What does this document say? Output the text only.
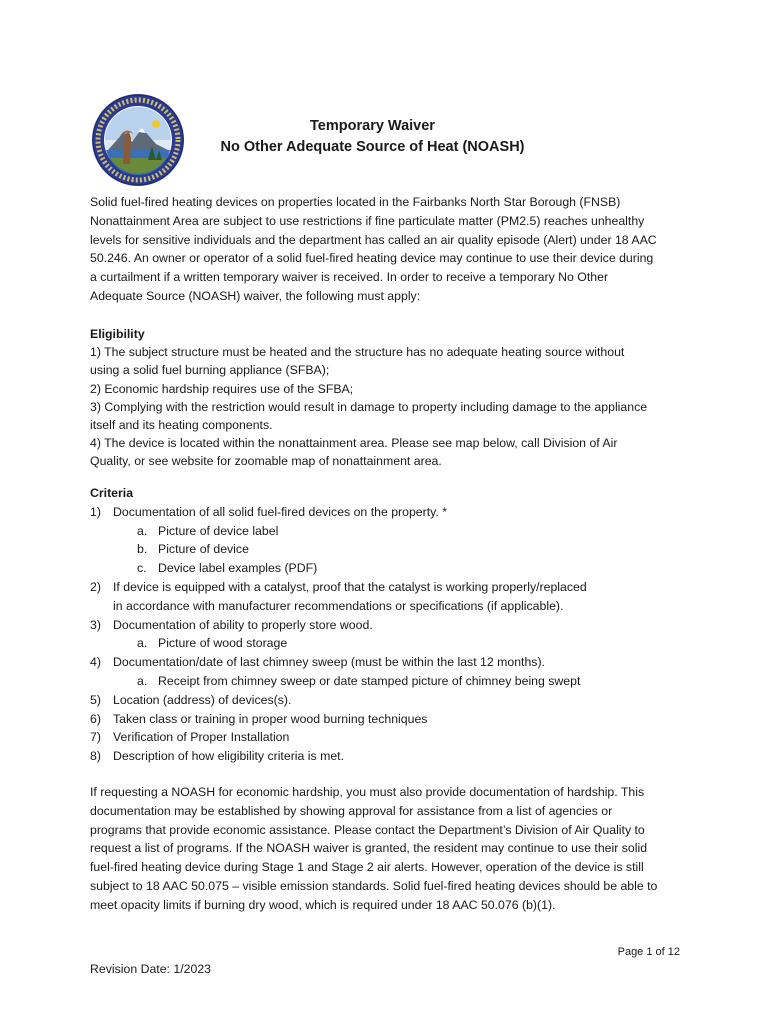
Temporary Waiver
No Other Adequate Source of Heat (NOASH)
Solid fuel-fired heating devices on properties located in the Fairbanks North Star Borough (FNSB)
Nonattainment Area are subject to use restrictions if fine particulate matter (PM2.5) reaches unhealthy
levels for sensitive individuals and the department has called an air quality episode (Alert) under 18 AAC
50.246. An owner or operator of a solid fuel-fired heating device may continue to use their device during
a curtailment if a written temporary waiver is received. In order to receive a temporary No Other
Adequate Source (NOASH) waiver, the following must apply:
Eligibility
1) The subject structure must be heated and the structure has no adequate heating source without
using a solid fuel burning appliance (SFBA);
2) Economic hardship requires use of the SFBA;
3) Complying with the restriction would result in damage to property including damage to the appliance
itself and its heating components.
4) The device is located within the nonattainment area. Please see map below, call Division of Air
Quality, or see website for zoomable map of nonattainment area.
Criteria
1) Documentation of all solid fuel-fired devices on the property. *
a. Picture of device label
b. Picture of device
c. Device label examples (PDF)
2) If device is equipped with a catalyst, proof that the catalyst is working properly/replaced
in accordance with manufacturer recommendations or specifications (if applicable).
3) Documentation of ability to properly store wood.
a. Picture of wood storage
4) Documentation/date of last chimney sweep (must be within the last 12 months).
a. Receipt from chimney sweep or date stamped picture of chimney being swept
5) Location (address) of devices(s).
6) Taken class or training in proper wood burning techniques
7) Verification of Proper Installation
8) Description of how eligibility criteria is met.
If requesting a NOASH for economic hardship, you must also provide documentation of hardship. This
documentation may be established by showing approval for assistance from a list of agencies or
programs that provide economic assistance. Please contact the Department’s Division of Air Quality to
request a list of programs. If the NOASH waiver is granted, the resident may continue to use their solid
fuel-fired heating device during Stage 1 and Stage 2 air alerts. However, operation of the device is still
subject to 18 AAC 50.075 – visible emission standards. Solid fuel-fired heating devices should be able to
meet opacity limits if burning dry wood, which is required under 18 AAC 50.076 (b)(1).
Page 1 of 12
Revision Date: 1/2023
